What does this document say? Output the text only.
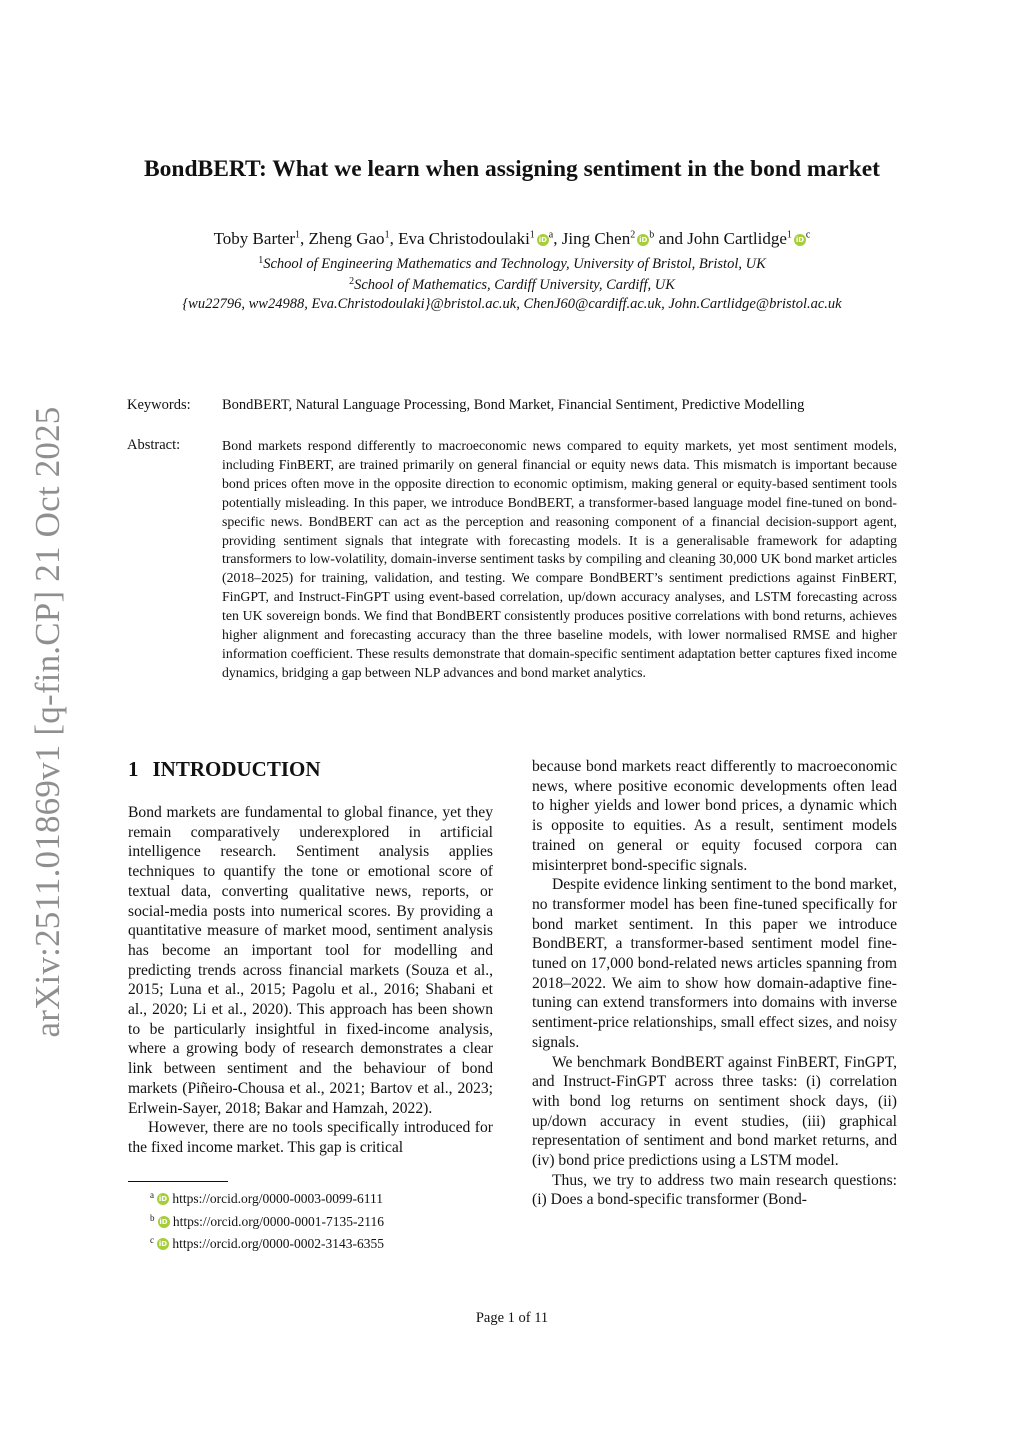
arXiv:2511.01869v1 [q-fin.CP] 21 Oct 2025
BondBERT: What we learn when assigning sentiment in the bond market
Toby Barter$^1$, Zheng Gao$^1$, Eva Christodoulaki$^1$ iD $^a$, Jing Chen$^2$ iD $^b$ and John Cartlidge$^1$ iD $^c$
$^1$School of Engineering Mathematics and Technology, University of Bristol, Bristol, UK
$^2$School of Mathematics, Cardiff University, Cardiff, UK
{wu22796, ww24988, Eva.Christodoulaki}@bristol.ac.uk, ChenJ60@cardiff.ac.uk, John.Cartlidge@bristol.ac.uk
Keywords: BondBERT, Natural Language Processing, Bond Market, Financial Sentiment, Predictive Modelling
Abstract:	Bond markets respond differently to macroeconomic news compared to equity markets, yet most sentiment models, including FinBERT, are trained primarily on general financial or equity news data. This mismatch is important because bond prices often move in the opposite direction to economic optimism, making general or equity-based sentiment tools potentially misleading. In this paper, we introduce BondBERT, a transformer-based language model fine-tuned on bond-specific news. BondBERT can act as the perception and reasoning component of a financial decision-support agent, providing sentiment signals that integrate with forecasting models. It is a generalisable framework for adapting transformers to low-volatility, domain-inverse sentiment tasks by compiling and cleaning 30,000 UK bond market articles (2018–2025) for training, validation, and testing. We compare BondBERT’s sentiment predictions against FinBERT, FinGPT, and Instruct-FinGPT using event-based correlation, up/down accuracy analyses, and LSTM forecasting across ten UK sovereign bonds. We find that BondBERT consistently produces positive correlations with bond returns, achieves higher alignment and forecasting accuracy than the three baseline models, with lower normalised RMSE and higher information coefficient. These results demonstrate that domain-specific sentiment adaptation better captures fixed income dynamics, bridging a gap between NLP advances and bond market analytics.
1 INTRODUCTION

Bond markets are fundamental to global finance, yet they remain comparatively underexplored in artificial intelligence research. Sentiment analysis applies techniques to quantify the tone or emotional score of textual data, converting qualitative news, reports, or social-media posts into numerical scores. By providing a quantitative measure of market mood, sentiment analysis has become an important tool for modelling and predicting trends across financial markets (Souza et al., 2015; Luna et al., 2015; Pagolu et al., 2016; Shabani et al., 2020; Li et al., 2020). This approach has been shown to be particularly insightful in fixed-income analysis, where a growing body of research demonstrates a clear link between sentiment and the behaviour of bond markets (Piñeiro-Chousa et al., 2021; Bartov et al., 2023; Erlwein-Sayer, 2018; Bakar and Hamzah, 2022).

However, there are no tools specifically introduced for the fixed income market. This gap is critical

because bond markets react differently to macroeconomic news, where positive economic developments often lead to higher yields and lower bond prices, a dynamic which is opposite to equities. As a result, sentiment models trained on general or equity focused corpora can misinterpret bond-specific signals.

Despite evidence linking sentiment to the bond market, no transformer model has been fine-tuned specifically for bond market sentiment. In this paper we introduce BondBERT, a transformer-based sentiment model fine-tuned on 17,000 bond-related news articles spanning from 2018–2022. We aim to show how domain-adaptive fine-tuning can extend transformers into domains with inverse sentiment-price relationships, small effect sizes, and noisy signals.

We benchmark BondBERT against FinBERT, FinGPT, and Instruct-FinGPT across three tasks: (i) correlation with bond log returns on sentiment shock days, (ii) up/down accuracy in event studies, (iii) graphical representation of sentiment and bond market returns, and (iv) bond price predictions using a LSTM model.

Thus, we try to address two main research questions: (i) Does a bond-specific transformer (Bond-

$^a$ iD https://orcid.org/0000-0003-0099-6111
$^b$ iD https://orcid.org/0000-0001-7135-2116
$^c$ iD https://orcid.org/0000-0002-3143-6355
Page 1 of 11
